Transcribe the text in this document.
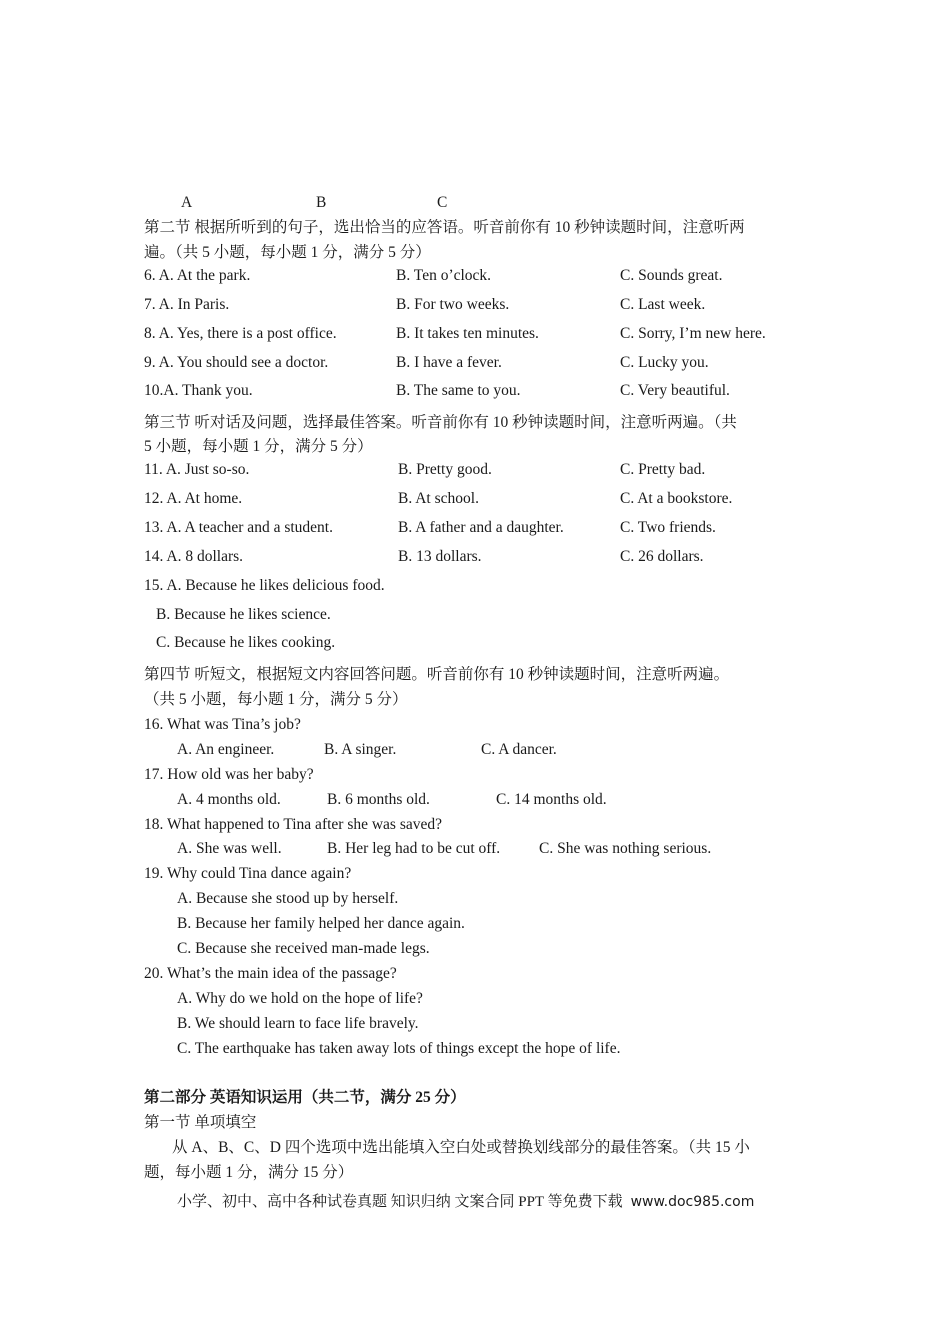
A	B	C
第二节 根据所听到的句子，选出恰当的应答语。听音前你有 10 秒钟读题时间，注意听两
遍。（共 5 小题，每小题 1 分，满分 5 分）
6. A. At the park.	B. Ten o’clock.	C. Sounds great.
7. A. In Paris.	B. For two weeks.	C. Last week.
8. A. Yes, there is a post office.	B. It takes ten minutes.	C. Sorry, I’m new here.
9. A. You should see a doctor.	B. I have a fever.	C. Lucky you.
10.A. Thank you.	B. The same to you.	C. Very beautiful.
第三节 听对话及问题，选择最佳答案。听音前你有 10 秒钟读题时间，注意听两遍。（共
5 小题，每小题 1 分，满分 5 分）
11. A. Just so-so.	B. Pretty good.	C. Pretty bad.
12. A. At home.	B. At school.	C. At a bookstore.
13. A. A teacher and a student.	B. A father and a daughter.	C. Two friends.
14. A. 8 dollars.	B. 13 dollars.	C. 26 dollars.
15. A. Because he likes delicious food.
B. Because he likes science.
C. Because he likes cooking.
第四节 听短文，根据短文内容回答问题。听音前你有 10 秒钟读题时间，注意听两遍。
（共 5 小题，每小题 1 分，满分 5 分）
16. What was Tina’s job?
A. An engineer.	B. A singer.	C. A dancer.
17. How old was her baby?
A. 4 months old.	B. 6 months old.	C. 14 months old.
18. What happened to Tina after she was saved?
A. She was well.	B. Her leg had to be cut off.	C. She was nothing serious.
19. Why could Tina dance again?
A. Because she stood up by herself.
B. Because her family helped her dance again.
C. Because she received man-made legs.
20. What’s the main idea of the passage?
A. Why do we hold on the hope of life?
B. We should learn to face life bravely.
C. The earthquake has taken away lots of things except the hope of life.
第二部分 英语知识运用（共二节，满分 25 分）
第一节 单项填空
从 A、B、C、D 四个选项中选出能填入空白处或替换划线部分的最佳答案。（共 15 小
题，每小题 1 分，满分 15 分）
小学、初中、高中各种试卷真题 知识归纳 文案合同 PPT 等免费下载 www.doc985.com
